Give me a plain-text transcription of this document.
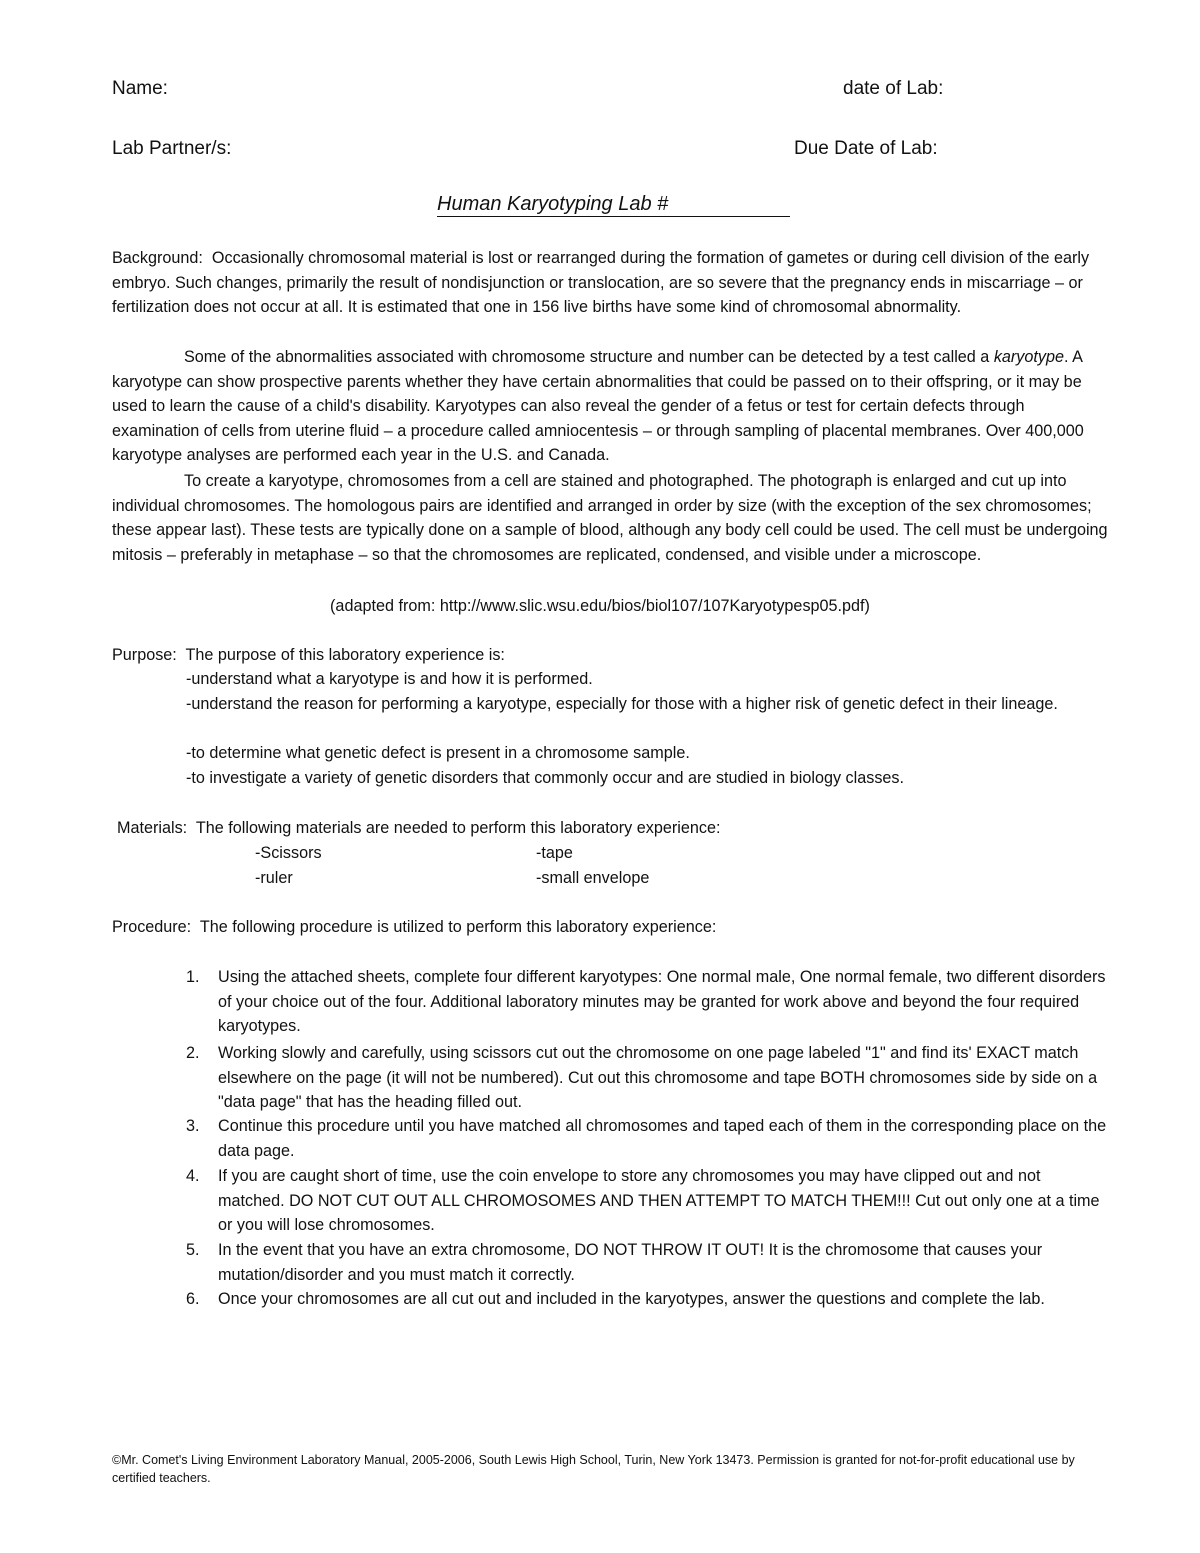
Name:	date of Lab:
Lab Partner/s:	Due Date of Lab:
Human Karyotyping Lab #
Background: Occasionally chromosomal material is lost or rearranged during the formation of gametes or during cell division of the early embryo. Such changes, primarily the result of nondisjunction or translocation, are so severe that the pregnancy ends in miscarriage – or fertilization does not occur at all. It is estimated that one in 156 live births have some kind of chromosomal abnormality.
Some of the abnormalities associated with chromosome structure and number can be detected by a test called a karyotype. A karyotype can show prospective parents whether they have certain abnormalities that could be passed on to their offspring, or it may be used to learn the cause of a child's disability. Karyotypes can also reveal the gender of a fetus or test for certain defects through examination of cells from uterine fluid – a procedure called amniocentesis – or through sampling of placental membranes. Over 400,000 karyotype analyses are performed each year in the U.S. and Canada.
To create a karyotype, chromosomes from a cell are stained and photographed. The photograph is enlarged and cut up into individual chromosomes. The homologous pairs are identified and arranged in order by size (with the exception of the sex chromosomes; these appear last). These tests are typically done on a sample of blood, although any body cell could be used. The cell must be undergoing mitosis – preferably in metaphase – so that the chromosomes are replicated, condensed, and visible under a microscope.
(adapted from: http://www.slic.wsu.edu/bios/biol107/107Karyotypesp05.pdf)
Purpose: The purpose of this laboratory experience is:
-understand what a karyotype is and how it is performed.
-understand the reason for performing a karyotype, especially for those with a higher risk of genetic defect in their lineage.
-to determine what genetic defect is present in a chromosome sample.
-to investigate a variety of genetic disorders that commonly occur and are studied in biology classes.
Materials: The following materials are needed to perform this laboratory experience:
-Scissors
-ruler
-tape
-small envelope
Procedure: The following procedure is utilized to perform this laboratory experience:
1. Using the attached sheets, complete four different karyotypes: One normal male, One normal female, two different disorders of your choice out of the four. Additional laboratory minutes may be granted for work above and beyond the four required karyotypes.
2. Working slowly and carefully, using scissors cut out the chromosome on one page labeled "1" and find its' EXACT match elsewhere on the page (it will not be numbered). Cut out this chromosome and tape BOTH chromosomes side by side on a "data page" that has the heading filled out.
3. Continue this procedure until you have matched all chromosomes and taped each of them in the corresponding place on the data page.
4. If you are caught short of time, use the coin envelope to store any chromosomes you may have clipped out and not matched. DO NOT CUT OUT ALL CHROMOSOMES AND THEN ATTEMPT TO MATCH THEM!!! Cut out only one at a time or you will lose chromosomes.
5. In the event that you have an extra chromosome, DO NOT THROW IT OUT! It is the chromosome that causes your mutation/disorder and you must match it correctly.
6. Once your chromosomes are all cut out and included in the karyotypes, answer the questions and complete the lab.
©Mr. Comet's Living Environment Laboratory Manual, 2005-2006, South Lewis High School, Turin, New York 13473. Permission is granted for not-for-profit educational use by certified teachers.
